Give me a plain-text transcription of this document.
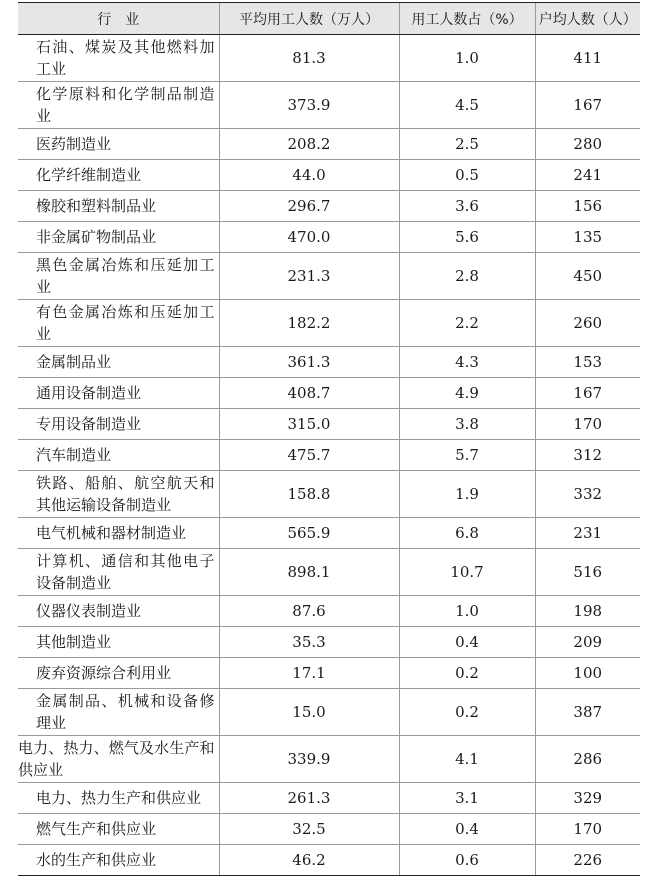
行　业	平均用工人数（万人）	用工人数占（%）	户均人数（人）

石油、煤炭及其他燃料加工业	81.3	1.0	411

化学原料和化学制品制造业	373.9	4.5	167

医药制造业	208.2	2.5	280

化学纤维制造业	44.0	0.5	241

橡胶和塑料制品业	296.7	3.6	156

非金属矿物制品业	470.0	5.6	135

黑色金属冶炼和压延加工业	231.3	2.8	450

有色金属冶炼和压延加工业	182.2	2.2	260

金属制品业	361.3	4.3	153

通用设备制造业	408.7	4.9	167

专用设备制造业	315.0	3.8	170

汽车制造业	475.7	5.7	312

铁路、船舶、航空航天和其他运输设备制造业	158.8	1.9	332

电气机械和器材制造业	565.9	6.8	231

计算机、通信和其他电子设备制造业	898.1	10.7	516

仪器仪表制造业	87.6	1.0	198

其他制造业	35.3	0.4	209

废弃资源综合利用业	17.1	0.2	100

金属制品、机械和设备修理业	15.0	0.2	387

电力、热力、燃气及水生产和供应业	339.9	4.1	286

电力、热力生产和供应业	261.3	3.1	329

燃气生产和供应业	32.5	0.4	170

水的生产和供应业	46.2	0.6	226
